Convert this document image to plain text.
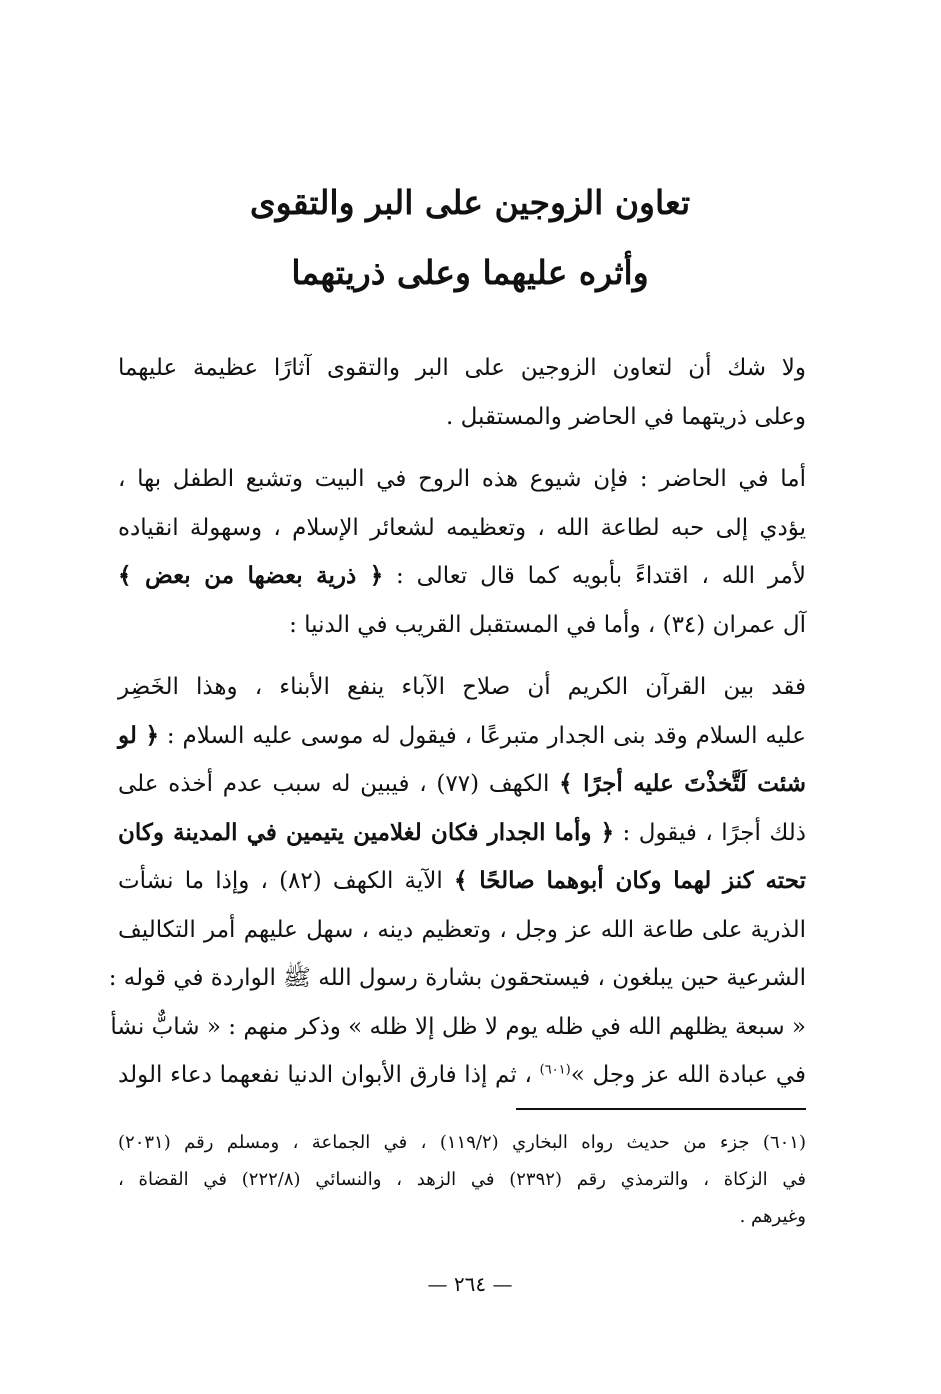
تعاون الزوجين على البر والتقوى
وأثره عليهما وعلى ذريتهما
ولا شك أن لتعاون الزوجين على البر والتقوى آثارًا عظيمة عليهما
وعلى ذريتهما في الحاضر والمستقبل .
أما في الحاضر : فإن شيوع هذه الروح في البيت وتشبع الطفل بها ،
يؤدي إلى حبه لطاعة الله ، وتعظيمه لشعائر الإسلام ، وسهولة انقياده
لأمر الله ، اقتداءً بأبويه كما قال تعالى : ﴿ ذرية بعضها من بعض ﴾
آل عمران (٣٤) ، وأما في المستقبل القريب في الدنيا :
فقد بين القرآن الكريم أن صلاح الآباء ينفع الأبناء ، وهذا الخَضِر
عليه السلام وقد بنى الجدار متبرعًا ، فيقول له موسى عليه السلام : ﴿ لو
شئت لَتَّخذْتَ عليه أجرًا ﴾ الكهف (٧٧) ، فيبين له سبب عدم أخذه على
ذلك أجرًا ، فيقول : ﴿ وأما الجدار فكان لغلامين يتيمين في المدينة وكان
تحته كنز لهما وكان أبوهما صالحًا ﴾ الآية الكهف (٨٢) ، وإذا ما نشأت
الذرية على طاعة الله عز وجل ، وتعظيم دينه ، سهل عليهم أمر التكاليف
الشرعية حين يبلغون ، فيستحقون بشارة رسول الله ﷺ الواردة في قوله :
« سبعة يظلهم الله في ظله يوم لا ظل إلا ظله » وذكر منهم : « شابٌّ نشأ
في عبادة الله عز وجل »$^{(٦٠١)}$ ، ثم إذا فارق الأبوان الدنيا نفعهما دعاء الولد
(٦٠١) جزء من حديث رواه البخاري (١١٩/٢) ، في الجماعة ، ومسلم رقم (٢٠٣١)
في الزكاة ، والترمذي رقم (٢٣٩٢) في الزهد ، والنسائي (٢٢٢/٨) في القضاة ،
وغيرهم .
— ٢٦٤ —
